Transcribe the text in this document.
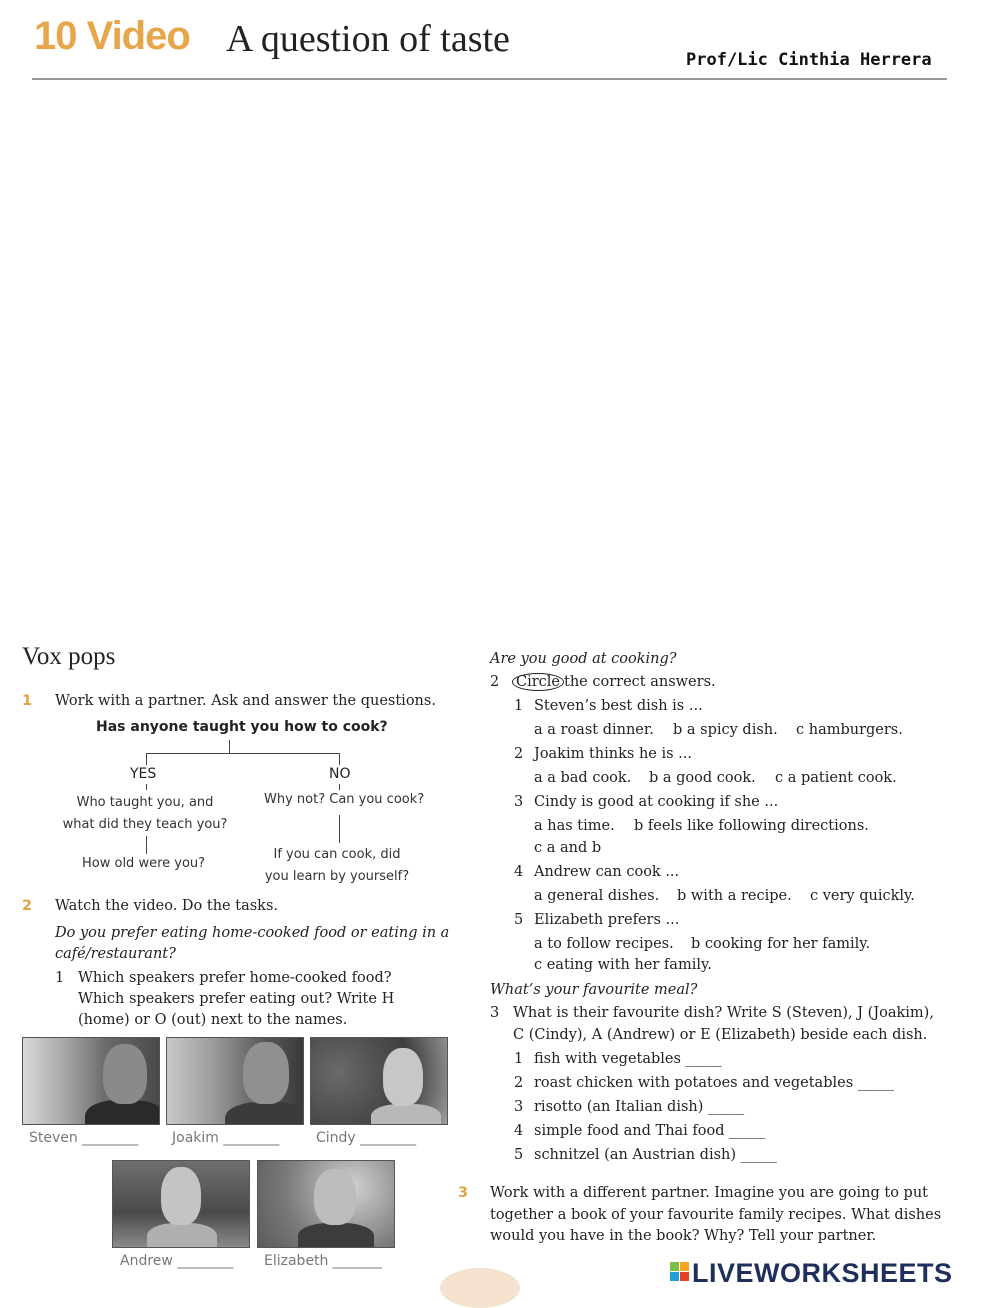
10 Video A question of taste	Prof/Lic Cinthia Herrera
Vox pops
1 Work with a partner. Ask and answer the questions.
Has anyone taught you how to cook?
YES	NO
Who taught you, and
what did they teach you?
How old were you?
Why not? Can you cook?
If you can cook, did
you learn by yourself?
2 Watch the video. Do the tasks.
Do you prefer eating home-cooked food or eating in a
café/restaurant?
1 Which speakers prefer home-cooked food?
Which speakers prefer eating out? Write H
(home) or O (out) next to the names.
Steven ________ Joakim ________	Cindy ________
Andrew ________ Elizabeth _______
Are you good at cooking?
2 Circle the correct answers.
1 Steven’s best dish is ...
a a roast dinner. b a spicy dish. c hamburgers.
2 Joakim thinks he is ...
a a bad cook. b a good cook. c a patient cook.
3 Cindy is good at cooking if she ...
a has time. b feels like following directions.
c a and b
4 Andrew can cook ...
a general dishes. b with a recipe. c very quickly.
5 Elizabeth prefers ...
a to follow recipes. b cooking for her family.
c eating with her family.
What’s your favourite meal?
3 What is their favourite dish? Write S (Steven), J (Joakim),
C (Cindy), A (Andrew) or E (Elizabeth) beside each dish.
1 fish with vegetables _____
2 roast chicken with potatoes and vegetables _____
3 risotto (an Italian dish) _____
4 simple food and Thai food _____
5 schnitzel (an Austrian dish) _____
3 Work with a different partner. Imagine you are going to put
together a book of your favourite family recipes. What dishes
would you have in the book? Why? Tell your partner.
LIVEWORKSHEETS
